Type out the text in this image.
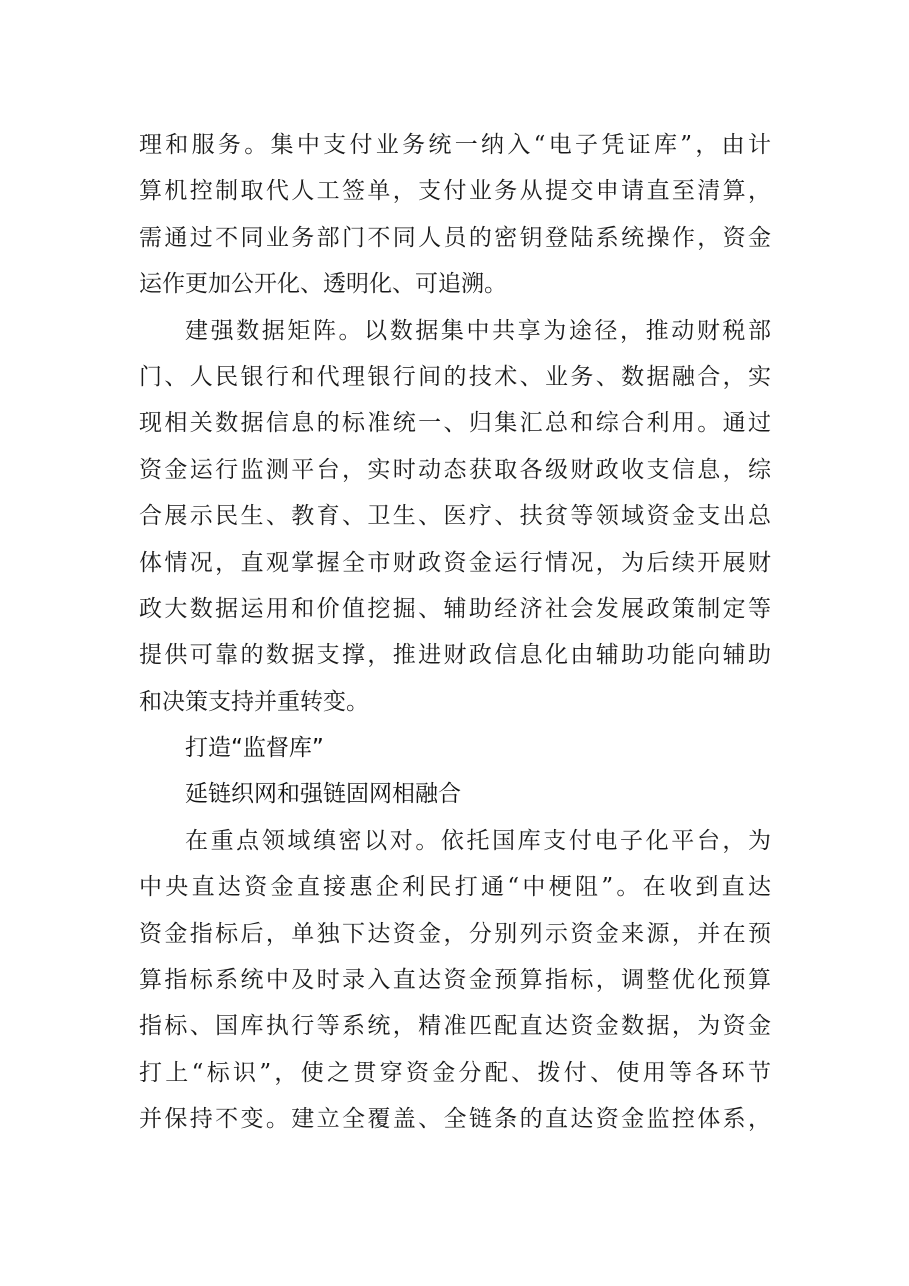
理和服务。集中支付业务统一纳入“电子凭证库”，由计
算机控制取代人工签单，支付业务从提交申请直至清算，
需通过不同业务部门不同人员的密钥登陆系统操作，资金
运作更加公开化、透明化、可追溯。
建强数据矩阵。以数据集中共享为途径，推动财税部
门、人民银行和代理银行间的技术、业务、数据融合，实
现相关数据信息的标准统一、归集汇总和综合利用。通过
资金运行监测平台，实时动态获取各级财政收支信息，综
合展示民生、教育、卫生、医疗、扶贫等领域资金支出总
体情况，直观掌握全市财政资金运行情况，为后续开展财
政大数据运用和价值挖掘、辅助经济社会发展政策制定等
提供可靠的数据支撑，推进财政信息化由辅助功能向辅助
和决策支持并重转变。
打造“监督库”
延链织网和强链固网相融合
在重点领域缜密以对。依托国库支付电子化平台，为
中央直达资金直接惠企利民打通“中梗阻”。在收到直达
资金指标后，单独下达资金，分别列示资金来源，并在预
算指标系统中及时录入直达资金预算指标，调整优化预算
指标、国库执行等系统，精准匹配直达资金数据，为资金
打上“标识”，使之贯穿资金分配、拨付、使用等各环节
并保持不变。建立全覆盖、全链条的直达资金监控体系，
